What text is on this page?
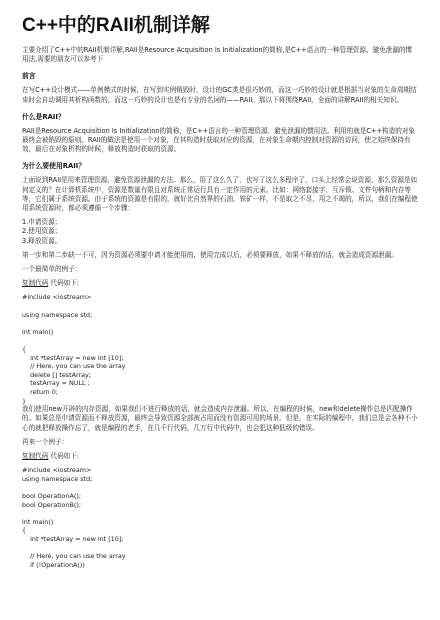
C++中的RAII机制详解

主要介绍了C++中的RAII机制详解,RAII是Resource Acquisition Is Initialization的简称,是C++语言的一种管理资源、避免泄漏的惯用法,需要的朋友可以参考下

前言

在写C++设计模式——单例模式的时候，在写到实例销毁时，设计的GC类是很巧妙的，而这一巧妙的设计就是根据当对象的生命周期结束时会自动调用其析构函数的，而这一巧妙的设计也是有专业的名词的——RAII。那以下将围绕RAII，全面的讲解RAII的相关知识。

什么是RAII？

RAII是Resource Acquisition Is Initialization的简称，是C++语言的一种管理资源、避免泄漏的惯用法。利用的就是C++构造的对象最终会被销毁的原则。RAII的做法是使用一个对象，在其构造时获取对应的资源，在对象生命期内控制对资源的访问，使之始终保持有效，最后在对象析构的时候，释放构造时获取的资源。

为什么要使用RAII？

上面说到RAII是用来管理资源、避免资源泄漏的方法。那么，用了这么久了，也写了这么多程序了，口头上经常会说资源，那么资源是如何定义的？在计算机系统中，资源是数量有限且对系统正常运行具有一定作用的元素。比如：网络套接字、互斥锁、文件句柄和内存等等，它们属于系统资源。由于系统的资源是有限的，就好比自然界的石油，铁矿一样，不是取之不尽，用之不竭的，所以，我们在编程使用系统资源时，都必须遵循一个步骤：

1.申请资源；

2.使用资源；

3.释放资源。

第一步和第二步缺一不可，因为资源必须要申请才能使用的，使用完成以后，必须要释放，如果不释放的话，就会造成资源泄漏。

一个最简单的例子：

复制代码 代码如下:

#include <iostream>

using namespace std;

int main()

{

int *testArray = new int [10];

// Here, you can use the array

delete [] testArray;

testArray = NULL ;

return 0;

}

我们使用new开辟的内存资源，如果我们不进行释放的话，就会造成内存泄漏。所以，在编程的时候，new和delete操作总是匹配操作的。如果总是申请资源而不释放资源，最终会导致资源全部被占用而没有资源可用的场景。但是，在实际的编程中，我们总是会各种不小心的就把释放操作忘了，就是编程的老手，在几千行代码，几万行中代码中，也会犯这种低级的错误。

再来一个例子：

复制代码 代码如下:

#include <iostream>

using namespace std;

bool OperationA();

bool OperationB();

int main()

{

int *testArray = new int [10];

// Here, you can use the array

if (!OperationA())
